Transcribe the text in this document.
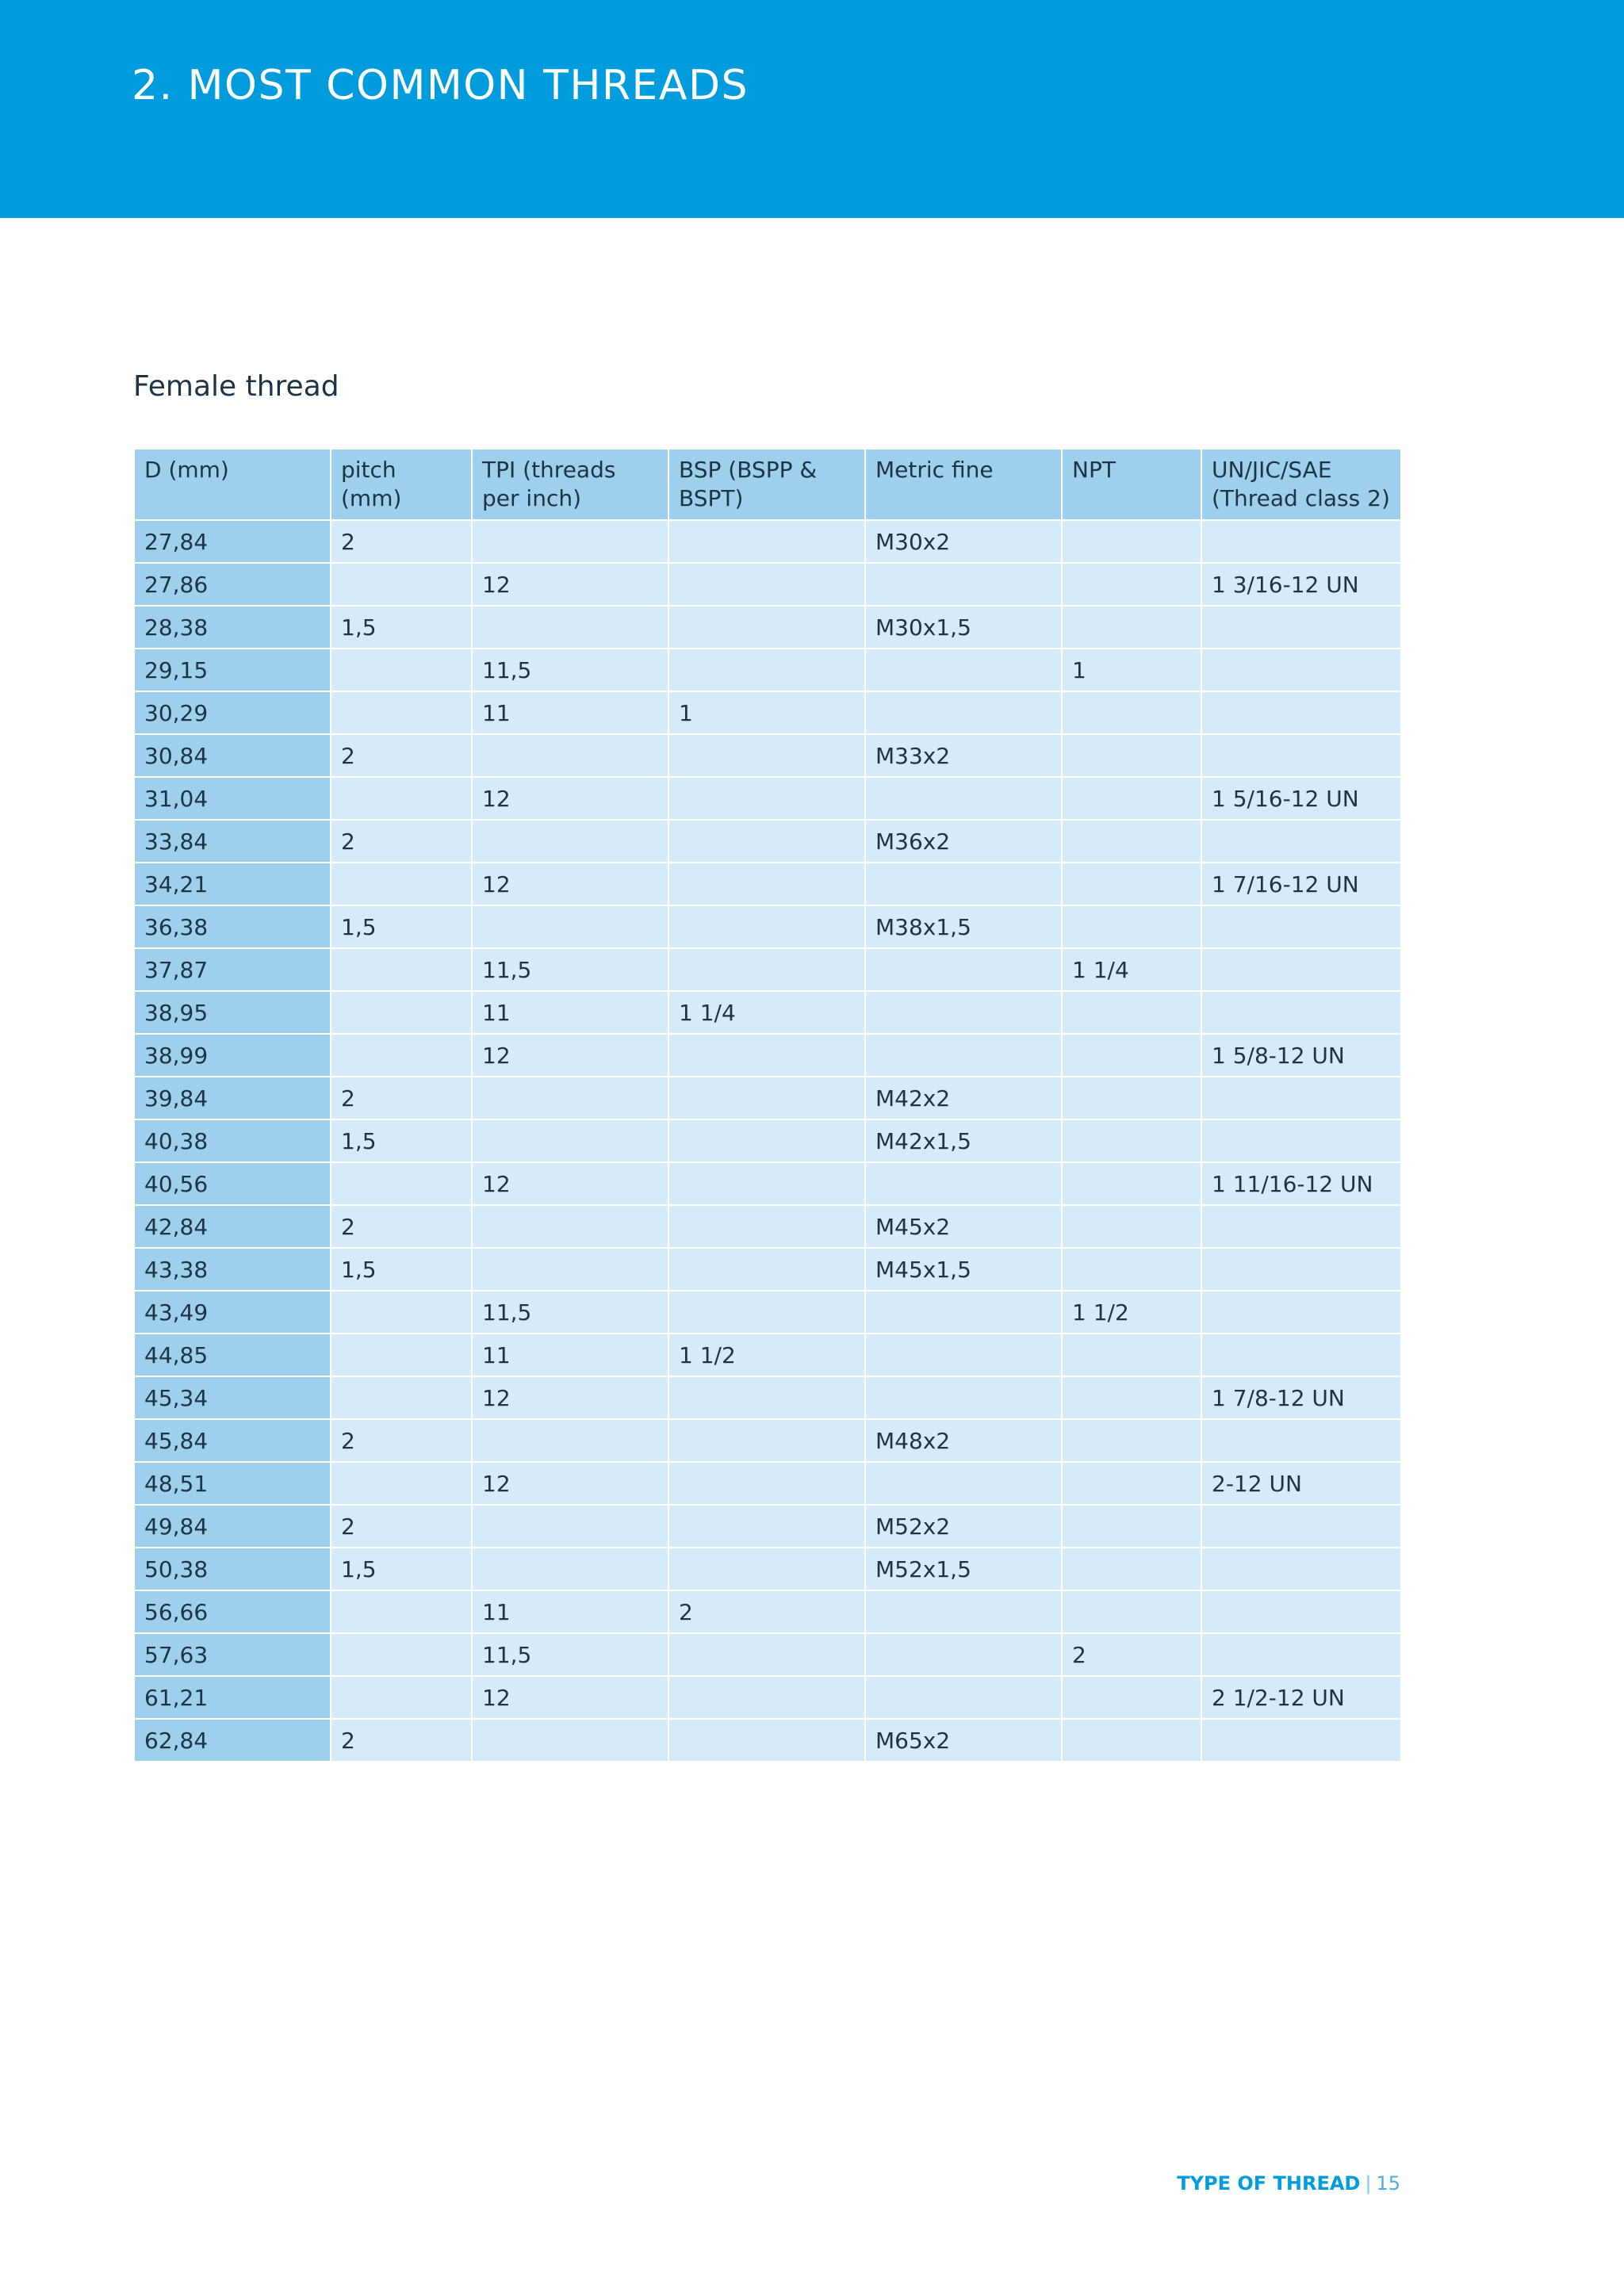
2. MOST COMMON THREADS
Female thread
D (mm)	pitch (mm)	TPI (threads per inch)	BSP (BSPP & BSPT)	Metric fine	NPT	UN/JIC/SAE (Thread class 2)
27,84	2			M30x2		
27,86		12				1 3/16-12 UN
28,38	1,5			M30x1,5		
29,15		11,5			1	
30,29		11	1			
30,84	2			M33x2		
31,04		12				1 5/16-12 UN
33,84	2			M36x2		
34,21		12				1 7/16-12 UN
36,38	1,5			M38x1,5		
37,87		11,5			1 1/4	
38,95		11	1 1/4			
38,99		12				1 5/8-12 UN
39,84	2			M42x2		
40,38	1,5			M42x1,5		
40,56		12				1 11/16-12 UN
42,84	2			M45x2		
43,38	1,5			M45x1,5		
43,49		11,5			1 1/2	
44,85		11	1 1/2			
45,34		12				1 7/8-12 UN
45,84	2			M48x2		
48,51		12				2-12 UN
49,84	2			M52x2		
50,38	1,5			M52x1,5		
56,66		11	2			
57,63		11,5			2	
61,21		12				2 1/2-12 UN
62,84	2			M65x2		
TYPE OF THREAD | 15
